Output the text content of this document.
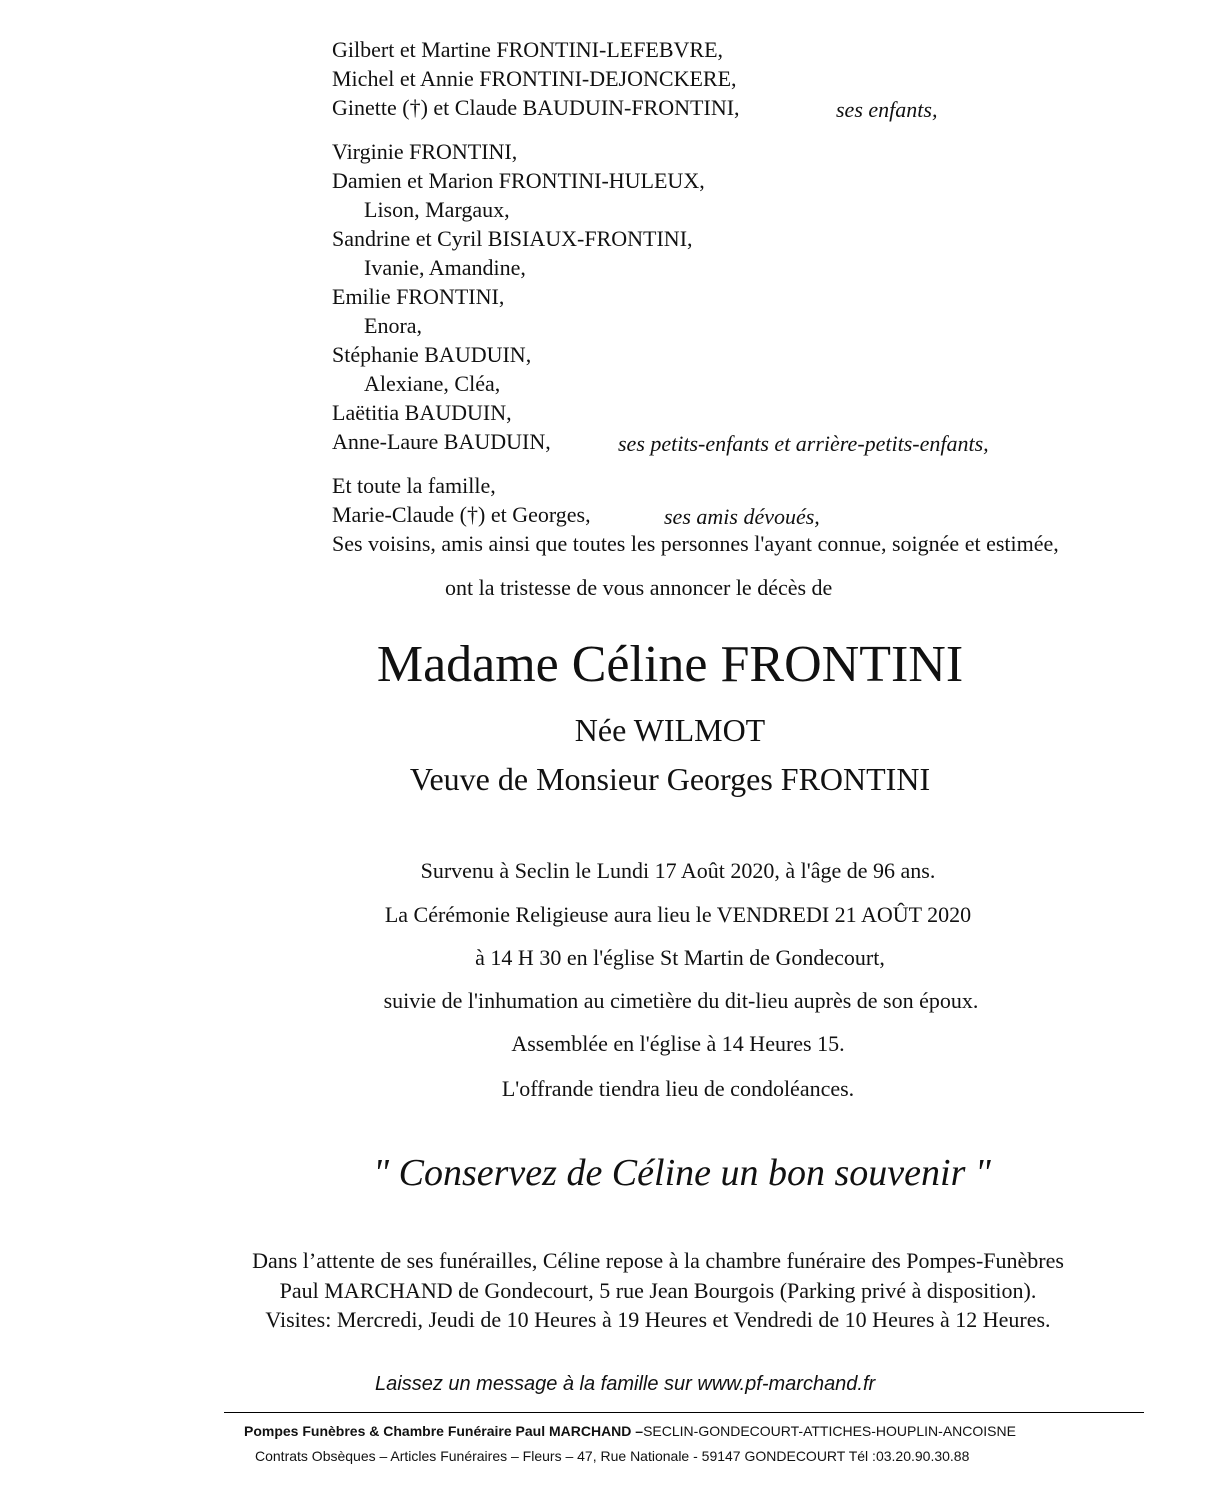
Gilbert et Martine FRONTINI-LEFEBVRE,
Michel et Annie FRONTINI-DEJONCKERE,
Ginette (†) et Claude BAUDUIN-FRONTINI,	ses enfants,
Virginie FRONTINI,
Damien et Marion FRONTINI-HULEUX,
Lison, Margaux,
Sandrine et Cyril BISIAUX-FRONTINI,
Ivanie, Amandine,
Emilie FRONTINI,
Enora,
Stéphanie BAUDUIN,
Alexiane, Cléa,
Laëtitia BAUDUIN,
Anne-Laure BAUDUIN,	ses petits-enfants et arrière-petits-enfants,
Et toute la famille,
Marie-Claude (†) et Georges,	ses amis dévoués,
Ses voisins, amis ainsi que toutes les personnes l'ayant connue, soignée et estimée,
ont la tristesse de vous annoncer le décès de
Madame Céline FRONTINI
Née WILMOT
Veuve de Monsieur Georges FRONTINI
Survenu à Seclin le Lundi 17 Août 2020, à l'âge de 96 ans.
La Cérémonie Religieuse aura lieu le VENDREDI 21 AOÛT 2020
à 14 H 30 en l'église St Martin de Gondecourt,
suivie de l'inhumation au cimetière du dit-lieu auprès de son époux.
Assemblée en l'église à 14 Heures 15.
L'offrande tiendra lieu de condoléances.
" Conservez de Céline un bon souvenir "
Dans l’attente de ses funérailles, Céline repose à la chambre funéraire des Pompes-Funèbres
Paul MARCHAND de Gondecourt, 5 rue Jean Bourgois (Parking privé à disposition).
Visites: Mercredi, Jeudi de 10 Heures à 19 Heures et Vendredi de 10 Heures à 12 Heures.
Laissez un message à la famille sur www.pf-marchand.fr
Pompes Funèbres & Chambre Funéraire Paul MARCHAND –SECLIN-GONDECOURT-ATTICHES-HOUPLIN-ANCOISNE
Contrats Obsèques – Articles Funéraires – Fleurs – 47, Rue Nationale - 59147 GONDECOURT Tél :03.20.90.30.88
